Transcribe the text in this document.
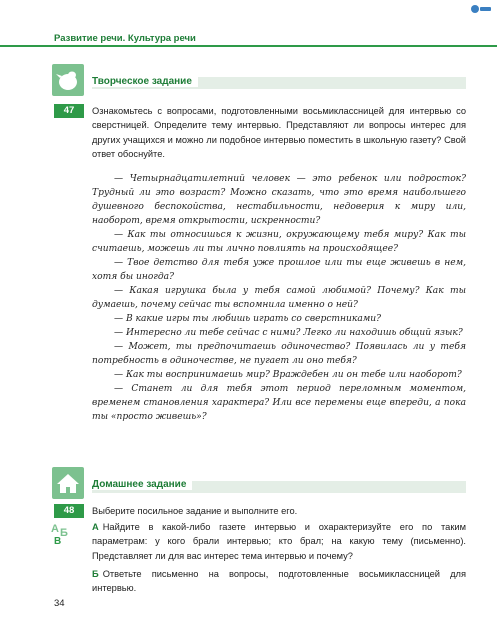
Развитие речи. Культура речи
Творческое задание
47	Ознакомьтесь с вопросами, подготовленными восьмиклассницей для интервью со сверстницей. Определите тему интервью. Представляют ли вопросы интерес для других учащихся и можно ли подобное интервью поместить в школьную газету? Свой ответ обоснуйте.

— Четырнадцатилетний человек — это ребенок или подросток? Трудный ли это возраст? Можно сказать, что это время наибольшего душевного беспокойства, нестабильности, недоверия к миру или, наоборот, время открытости, искренности?

— Как ты относишься к жизни, окружающему тебя миру? Как ты считаешь, можешь ли ты лично повлиять на происходящее?

— Твое детство для тебя уже прошлое или ты еще живешь в нем, хотя бы иногда?

— Какая игрушка была у тебя самой любимой? Почему? Как ты думаешь, почему сейчас ты вспомнила именно о ней?

— В какие игры ты любишь играть со сверстниками?

— Интересно ли тебе сейчас с ними? Легко ли находишь общий язык?

— Может, ты предпочитаешь одиночество? Появилась ли у тебя потребность в одиночестве, не пугает ли оно тебя?

— Как ты воспринимаешь мир? Враждебен ли он тебе или наоборот?

— Станет ли для тебя этот период переломным моментом, временем становления характера? Или все перемены еще впереди, а пока ты «просто живешь»?

Домашнее задание
48	Выберите посильное задание и выполните его.
А Б
В
А Найдите в какой-либо газете интервью и охарактеризуйте его по таким параметрам: у кого брали интервью; кто брал; на какую тему (письменно). Представляет ли для вас интерес тема интервью и почему?
Б Ответьте письменно на вопросы, подготовленные восьмиклассницей для интервью.
34
